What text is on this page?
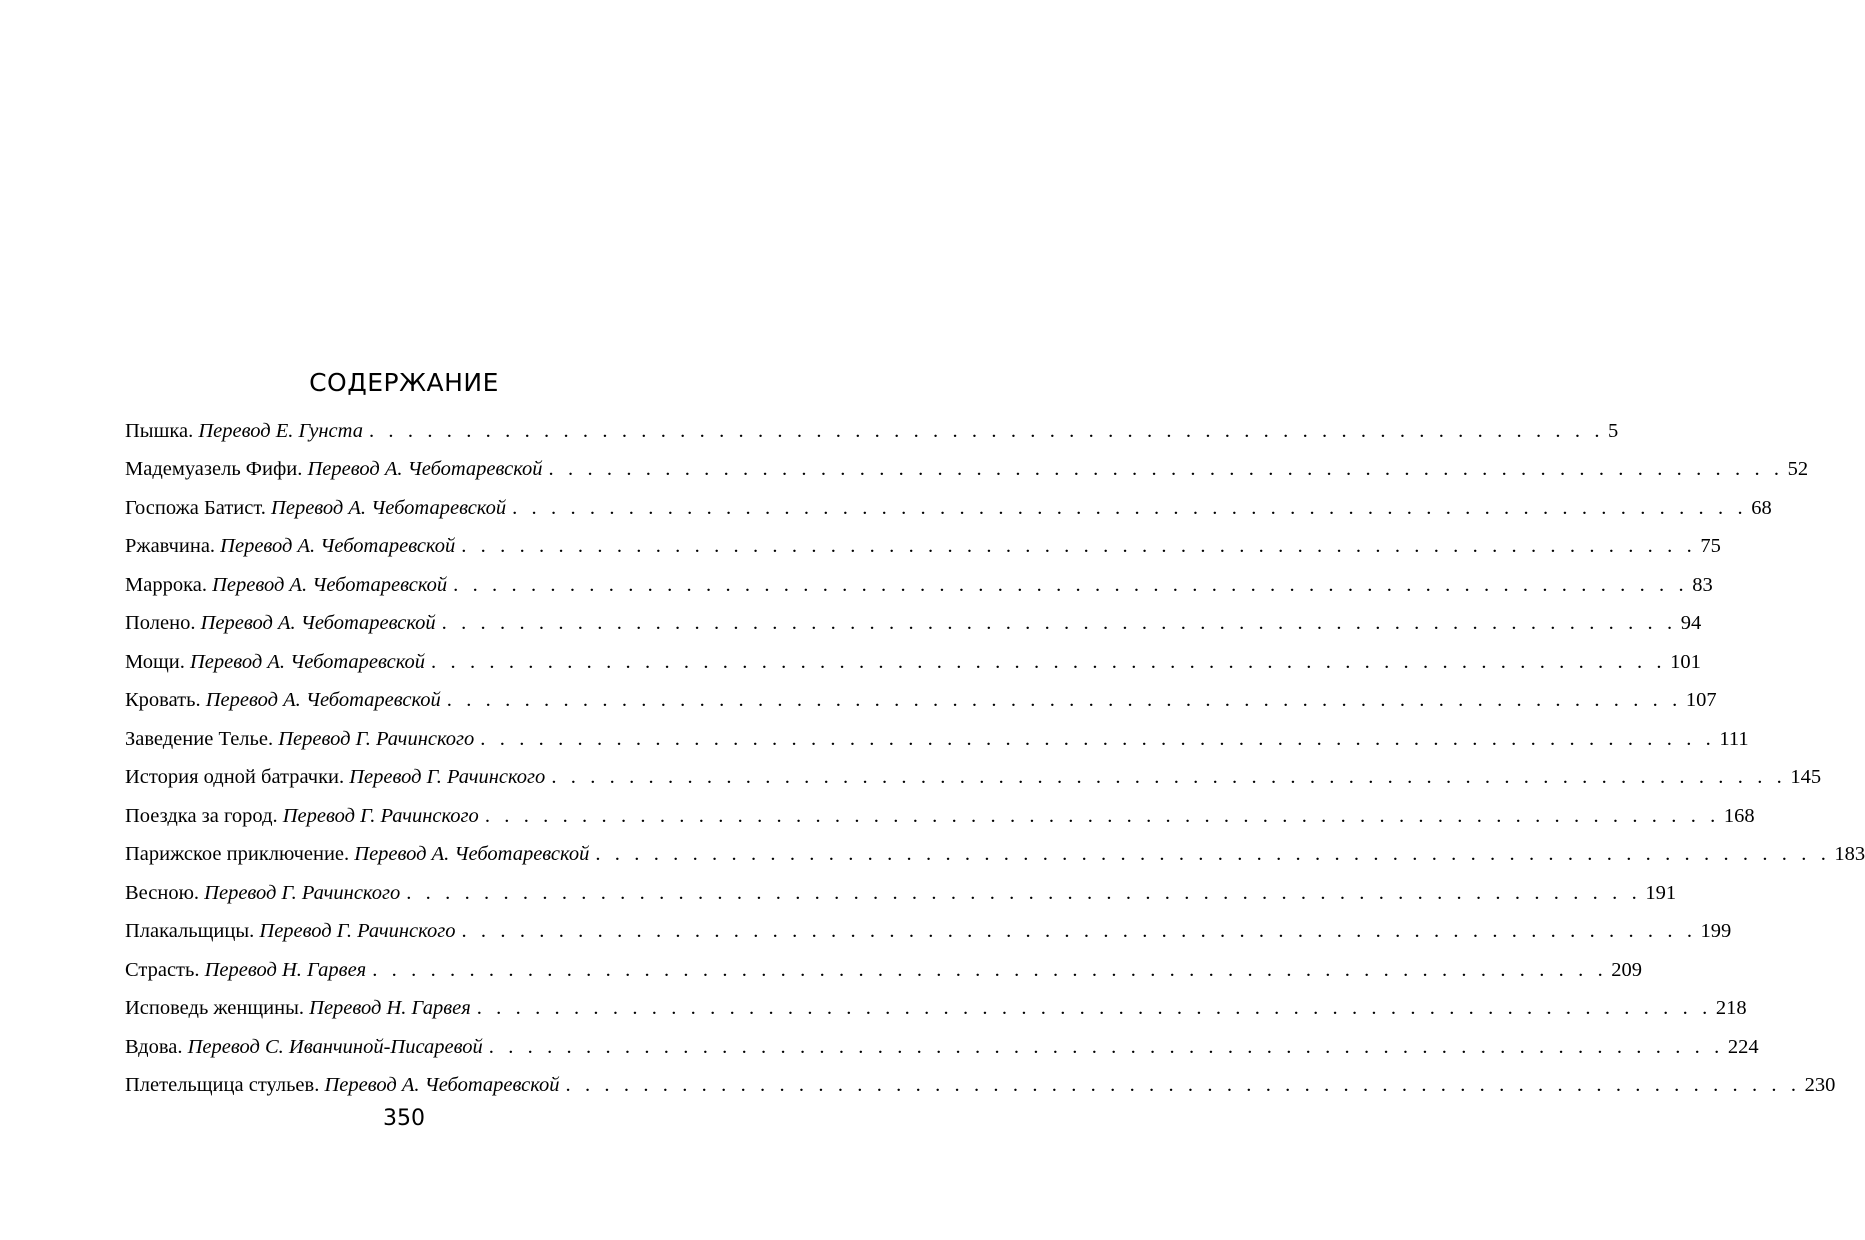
СОДЕРЖАНИЕ
Пышка. Перевод Е. Гунста . . . . . . . . . . . . . . . . . . . . . . . . . . . . . . . . . . . . . . . . . . . . . . . . . . . . . . . . . . . . . . . . 5
Мадемуазель Фифи. Перевод А. Чеботаревской . . . . . . . . . . . . . . . . . . . . . . . . . . . . . . . . . . . . . . . . . . . . . . . . . . . . . . . . . . . . . . . . 52
Госпожа Батист. Перевод А. Чеботаревской . . . . . . . . . . . . . . . . . . . . . . . . . . . . . . . . . . . . . . . . . . . . . . . . . . . . . . . . . . . . . . . . 68
Ржавчина. Перевод А. Чеботаревской . . . . . . . . . . . . . . . . . . . . . . . . . . . . . . . . . . . . . . . . . . . . . . . . . . . . . . . . . . . . . . . . 75
Маррока. Перевод А. Чеботаревской . . . . . . . . . . . . . . . . . . . . . . . . . . . . . . . . . . . . . . . . . . . . . . . . . . . . . . . . . . . . . . . . 83
Полено. Перевод А. Чеботаревской . . . . . . . . . . . . . . . . . . . . . . . . . . . . . . . . . . . . . . . . . . . . . . . . . . . . . . . . . . . . . . . . 94
Мощи. Перевод А. Чеботаревской . . . . . . . . . . . . . . . . . . . . . . . . . . . . . . . . . . . . . . . . . . . . . . . . . . . . . . . . . . . . . . . . 101
Кровать. Перевод А. Чеботаревской . . . . . . . . . . . . . . . . . . . . . . . . . . . . . . . . . . . . . . . . . . . . . . . . . . . . . . . . . . . . . . . . 107
Заведение Телье. Перевод Г. Рачинского . . . . . . . . . . . . . . . . . . . . . . . . . . . . . . . . . . . . . . . . . . . . . . . . . . . . . . . . . . . . . . . . 111
История одной батрачки. Перевод Г. Рачинского . . . . . . . . . . . . . . . . . . . . . . . . . . . . . . . . . . . . . . . . . . . . . . . . . . . . . . . . . . . . . . . . 145
Поездка за город. Перевод Г. Рачинского . . . . . . . . . . . . . . . . . . . . . . . . . . . . . . . . . . . . . . . . . . . . . . . . . . . . . . . . . . . . . . . . 168
Парижское приключение. Перевод А. Чеботаревской . . . . . . . . . . . . . . . . . . . . . . . . . . . . . . . . . . . . . . . . . . . . . . . . . . . . . . . . . . . . . . . . 183
Весною. Перевод Г. Рачинского . . . . . . . . . . . . . . . . . . . . . . . . . . . . . . . . . . . . . . . . . . . . . . . . . . . . . . . . . . . . . . . . 191
Плакальщицы. Перевод Г. Рачинского . . . . . . . . . . . . . . . . . . . . . . . . . . . . . . . . . . . . . . . . . . . . . . . . . . . . . . . . . . . . . . . . 199
Страсть. Перевод Н. Гарвея . . . . . . . . . . . . . . . . . . . . . . . . . . . . . . . . . . . . . . . . . . . . . . . . . . . . . . . . . . . . . . . . 209
Исповедь женщины. Перевод Н. Гарвея . . . . . . . . . . . . . . . . . . . . . . . . . . . . . . . . . . . . . . . . . . . . . . . . . . . . . . . . . . . . . . . . 218
Вдова. Перевод С. Иванчиной-Писаревой . . . . . . . . . . . . . . . . . . . . . . . . . . . . . . . . . . . . . . . . . . . . . . . . . . . . . . . . . . . . . . . . 224
Плетельщица стульев. Перевод А. Чеботаревской . . . . . . . . . . . . . . . . . . . . . . . . . . . . . . . . . . . . . . . . . . . . . . . . . . . . . . . . . . . . . . . . 230
350
